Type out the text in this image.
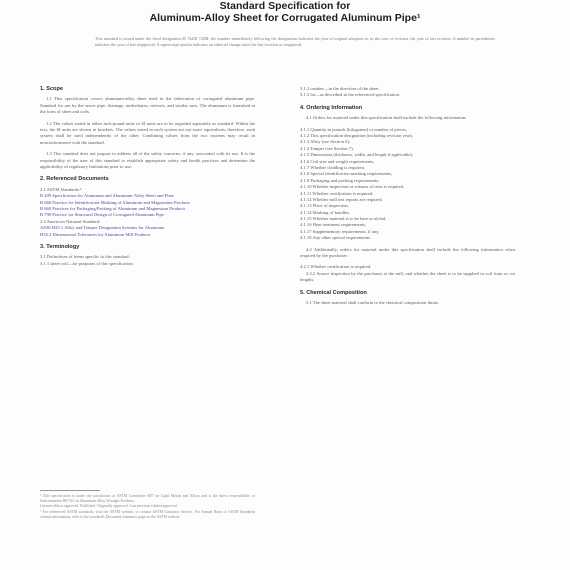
Standard Specification for
Aluminum-Alloy Sheet for Corrugated Aluminum Pipe¹
This standard is issued under the fixed designation B 744/B 744M; the number immediately following the designation indicates the year of original adoption or, in the case of revision, the year of last revision. A number in parentheses indicates the year of last reapproval. A superscript epsilon indicates an editorial change since the last revision or reapproval.
1. Scope
1.1 This specification covers aluminum-alloy sheet used in the fabrication of corrugated aluminum pipe. Standard for use by the sewer pipe, drainage, underdrains, culverts, and similar uses. The aluminum is furnished in the form of sheet and coils.
1.2 The values stated in either inch-pound units or SI units are to be regarded separately as standard. Within the text, the SI units are shown in brackets. The values stated in each system are not exact equivalents; therefore, each system shall be used independently of the other. Combining values from the two systems may result in nonconformance with the standard.
1.3 This standard does not purport to address all of the safety concerns, if any, associated with its use. It is the responsibility of the user of this standard to establish appropriate safety and health practices and determine the applicability of regulatory limitations prior to use.
2. Referenced Documents
2.1 ASTM Standards:²
B 209 Specification for Aluminum and Aluminum-Alloy Sheet and Plate
B 666 Practice for Identification Marking of Aluminum and Magnesium Products
B 660 Practices for Packaging/Packing of Aluminum and Magnesium Products
B 790 Practice for Structural Design of Corrugated Aluminum Pipe
2.2 American National Standard:
ANSI H35.1 Alloy and Temper Designation Systems for Aluminum
H35.2 Dimensional Tolerances for Aluminum Mill Products
3. Terminology
3.1 Definitions of terms specific to this standard:
3.1.1 sheet coil—for purposes of this specification.
¹ This specification is under the jurisdiction of ASTM Committee B07 on Light Metals and Alloys and is the direct responsibility of Subcommittee B07.03 on Aluminum Alloy Wrought Products.
Current edition approved. Published. Originally approved. Last previous edition approved.
² For referenced ASTM standards, visit the ASTM website, or contact ASTM Customer Service. For Annual Book of ASTM Standards volume information, refer to the standard's Document Summary page on the ASTM website.
3.1.2 camber—in the direction of the sheet.
3.1.3 lot—as described in the referenced specification.
4. Ordering Information
4.1 Orders for material under this specification shall include the following information:
4.1.1 Quantity in pounds [kilograms] or number of pieces,
4.1.2 This specification designation (including revision year),
4.1.3 Alloy (see Section 6),
4.1.4 Temper (see Section 7),
4.1.5 Dimensions (thickness, width, and length if applicable),
4.1.6 Coil size and weight requirements,
4.1.7 Whether cladding is required,
4.1.8 Special identification marking requirements,
4.1.9 Packaging and packing requirements,
4.1.10 Whether inspection or witness of tests is required,
4.1.11 Whether certification is required,
4.1.12 Whether mill test reports are required,
4.1.13 Place of inspection,
4.1.14 Marking of bundles,
4.1.15 Whether material is to be bare or alclad,
4.1.16 Heat treatment requirements,
4.1.17 Supplementary requirements, if any,
4.1.18 Any other special requirements.
4.2 Additionally, orders for material under this specification shall include the following information when required by the purchaser:
4.2.1 Whether certification is required.
4.2.2 Source inspection by the purchaser at the mill, and whether the sheet is to be supplied in coil form or cut lengths.
5. Chemical Composition
5.1 The sheet material shall conform to the chemical composition limits.
